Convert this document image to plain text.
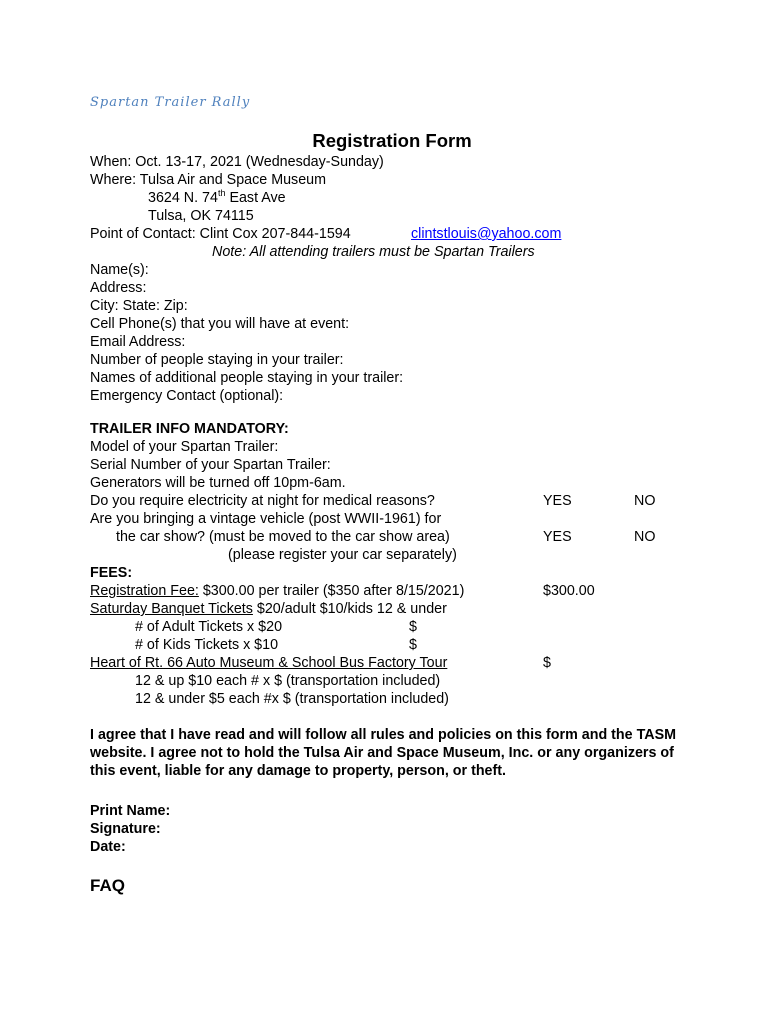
Spartan Trailer Rally
Registration Form
When: Oct. 13-17, 2021 (Wednesday-Sunday)
Where: Tulsa Air and Space Museum
3624 N. 74th East Ave
Tulsa, OK 74115
Point of Contact: Clint Cox 207-844-1594	clintstlouis@yahoo.com
Note: All attending trailers must be Spartan Trailers
Name(s):
Address:
City: State: Zip:
Cell Phone(s) that you will have at event:
Email Address:
Number of people staying in your trailer:
Names of additional people staying in your trailer:
Emergency Contact (optional):
TRAILER INFO MANDATORY:
Model of your Spartan Trailer:
Serial Number of your Spartan Trailer:
Generators will be turned off 10pm-6am.
Do you require electricity at night for medical reasons?	YES	NO
Are you bringing a vintage vehicle (post WWII-1961) for
the car show? (must be moved to the car show area)	YES	NO
(please register your car separately)
FEES:
Registration Fee: $300.00 per trailer ($350 after 8/15/2021)	$300.00
Saturday Banquet Tickets $20/adult $10/kids 12 & under
# of Adult Tickets x $20	$
# of Kids Tickets x $10	$
Heart of Rt. 66 Auto Museum & School Bus Factory Tour	$
12 & up $10 each # x $ (transportation included)
12 & under $5 each #x $ (transportation included)
I agree that I have read and will follow all rules and policies on this form and the TASM website. I agree not to hold the Tulsa Air and Space Museum, Inc. or any organizers of this event, liable for any damage to property, person, or theft.
Print Name:
Signature:
Date:
FAQ
